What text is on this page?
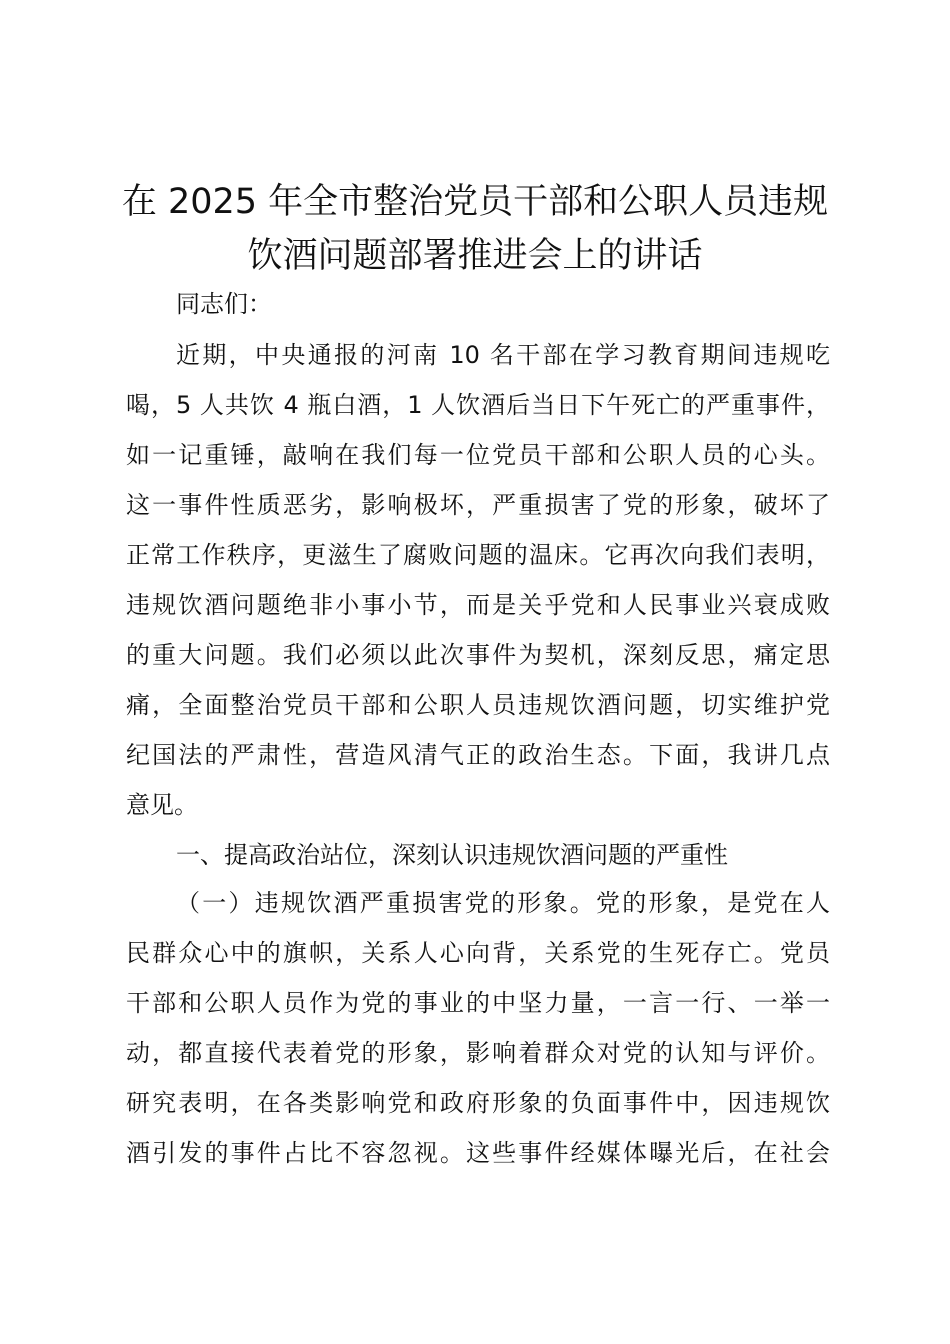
在 2025 年全市整治党员干部和公职人员违规
饮酒问题部署推进会上的讲话
同志们：
近期，中央通报的河南 10 名干部在学习教育期间违规吃
喝，5 人共饮 4 瓶白酒，1 人饮酒后当日下午死亡的严重事件，
如一记重锤，敲响在我们每一位党员干部和公职人员的心头。
这一事件性质恶劣，影响极坏，严重损害了党的形象，破坏了
正常工作秩序，更滋生了腐败问题的温床。它再次向我们表明，
违规饮酒问题绝非小事小节，而是关乎党和人民事业兴衰成败
的重大问题。我们必须以此次事件为契机，深刻反思，痛定思
痛，全面整治党员干部和公职人员违规饮酒问题，切实维护党
纪国法的严肃性，营造风清气正的政治生态。下面，我讲几点
意见。
一、提高政治站位，深刻认识违规饮酒问题的严重性
（一）违规饮酒严重损害党的形象。党的形象，是党在人
民群众心中的旗帜，关系人心向背，关系党的生死存亡。党员
干部和公职人员作为党的事业的中坚力量，一言一行、一举一
动，都直接代表着党的形象，影响着群众对党的认知与评价。
研究表明，在各类影响党和政府形象的负面事件中，因违规饮
酒引发的事件占比不容忽视。这些事件经媒体曝光后，在社会
